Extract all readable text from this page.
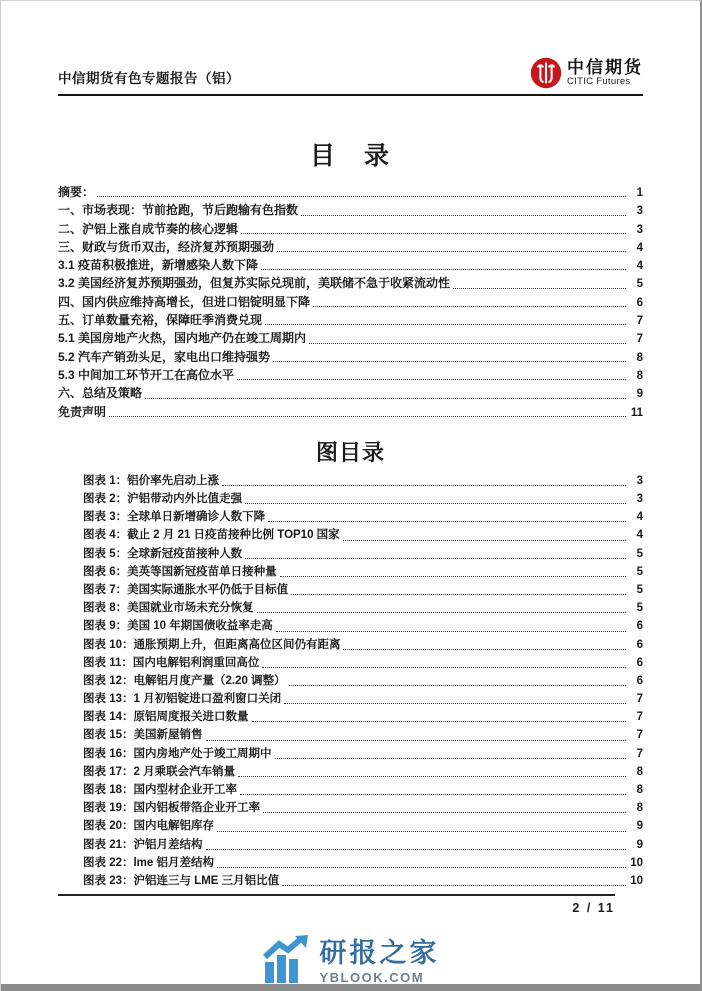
中信期货有色专题报告（铝）
中信期货
CITIC Futures
目　录
摘要：	1
一、市场表现：节前抢跑，节后跑输有色指数	3
二、沪铝上涨自成节奏的核心逻辑	3
三、财政与货币双击，经济复苏预期强劲	4
3.1 疫苗积极推进，新增感染人数下降	4
3.2 美国经济复苏预期强劲，但复苏实际兑现前，美联储不急于收紧流动性	5
四、国内供应维持高增长，但进口铝锭明显下降	6
五、订单数量充裕，保障旺季消费兑现	7
5.1 美国房地产火热，国内地产仍在竣工周期内	7
5.2 汽车产销劲头足，家电出口维持强势	8
5.3 中间加工环节开工在高位水平	8
六、总结及策略	9
免责声明	11
图目录
图表 1：铝价率先启动上涨	3
图表 2：沪铝带动内外比值走强	3
图表 3：全球单日新增确诊人数下降	4
图表 4：截止 2 月 21 日疫苗接种比例 TOP10 国家	4
图表 5：全球新冠疫苗接种人数	5
图表 6：美英等国新冠疫苗单日接种量	5
图表 7：美国实际通胀水平仍低于目标值	5
图表 8：美国就业市场未充分恢复	5
图表 9：美国 10 年期国债收益率走高	6
图表 10：通胀预期上升，但距离高位区间仍有距离	6
图表 11：国内电解铝利润重回高位	6
图表 12：电解铝月度产量（2.20 调整）	6
图表 13：1 月初铝锭进口盈利窗口关闭	7
图表 14：原铝周度报关进口数量	7
图表 15：美国新屋销售	7
图表 16：国内房地产处于竣工周期中	7
图表 17：2 月乘联会汽车销量	8
图表 18：国内型材企业开工率	8
图表 19：国内铝板带箔企业开工率	8
图表 20：国内电解铝库存	9
图表 21：沪铝月差结构	9
图表 22：lme 铝月差结构	10
图表 23：沪铝连三与 LME 三月铝比值	10
2 / 11
研报之家
YBLOOK.COM
